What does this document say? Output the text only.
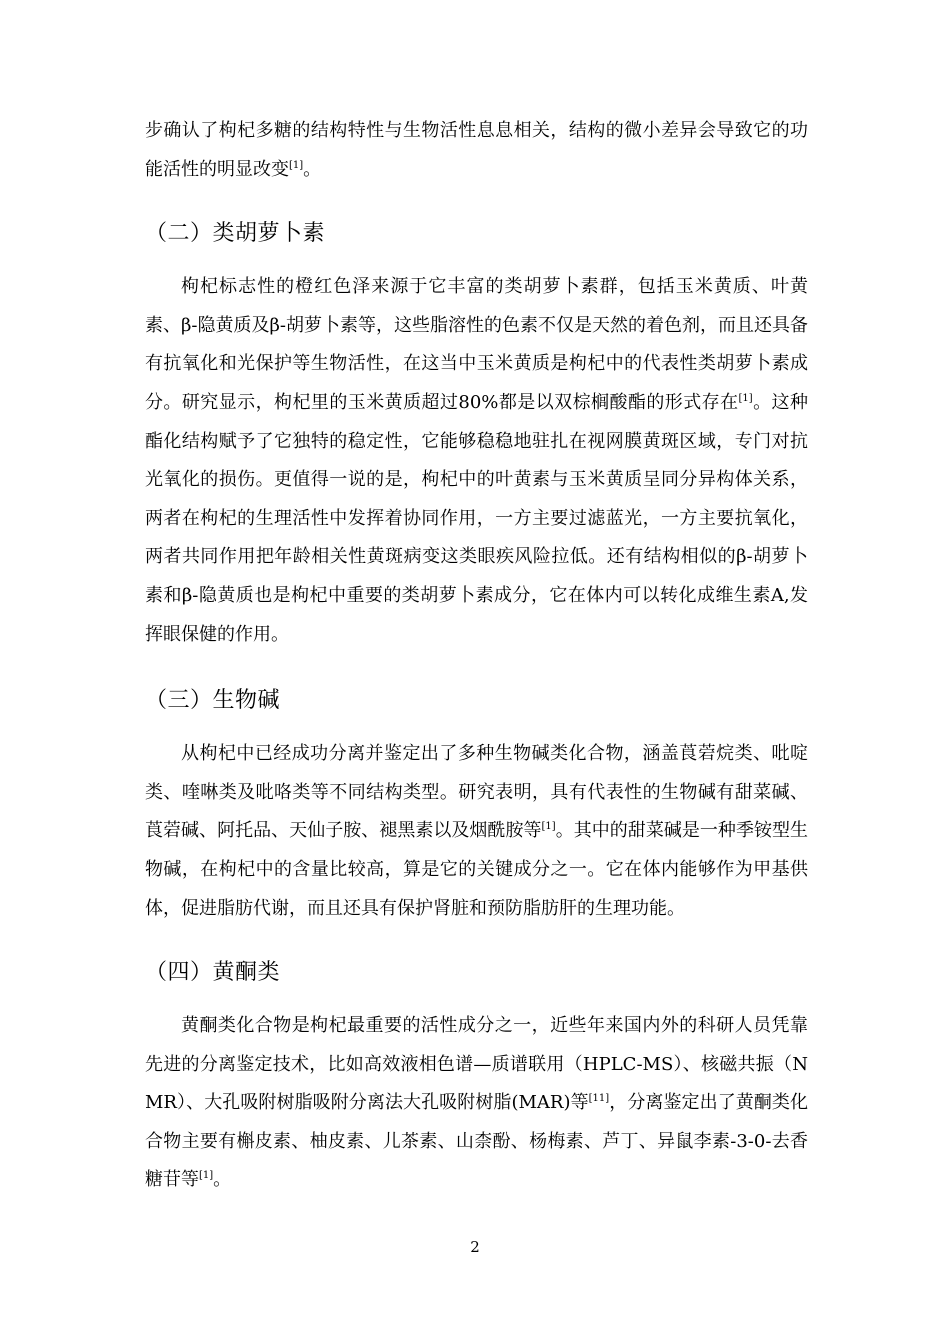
步确认了枸杞多糖的结构特性与生物活性息息相关，结构的微小差异会导致它的功能活性的明显改变[1]。

（二）类胡萝卜素

枸杞标志性的橙红色泽来源于它丰富的类胡萝卜素群，包括玉米黄质、叶黄素、β-隐黄质及β-胡萝卜素等，这些脂溶性的色素不仅是天然的着色剂，而且还具备有抗氧化和光保护等生物活性，在这当中玉米黄质是枸杞中的代表性类胡萝卜素成分。研究显示，枸杞里的玉米黄质超过80%都是以双棕榈酸酯的形式存在[1]。这种酯化结构赋予了它独特的稳定性，它能够稳稳地驻扎在视网膜黄斑区域，专门对抗光氧化的损伤。更值得一说的是，枸杞中的叶黄素与玉米黄质呈同分异构体关系，两者在枸杞的生理活性中发挥着协同作用，一方主要过滤蓝光，一方主要抗氧化，两者共同作用把年龄相关性黄斑病变这类眼疾风险拉低。还有结构相似的β-胡萝卜素和β-隐黄质也是枸杞中重要的类胡萝卜素成分，它在体内可以转化成维生素A,发挥眼保健的作用。

（三）生物碱

从枸杞中已经成功分离并鉴定出了多种生物碱类化合物，涵盖莨菪烷类、吡啶类、喹啉类及吡咯类等不同结构类型。研究表明，具有代表性的生物碱有甜菜碱、莨菪碱、阿托品、天仙子胺、褪黑素以及烟酰胺等[1]。其中的甜菜碱是一种季铵型生物碱，在枸杞中的含量比较高，算是它的关键成分之一。它在体内能够作为甲基供体，促进脂肪代谢，而且还具有保护肾脏和预防脂肪肝的生理功能。

（四）黄酮类

黄酮类化合物是枸杞最重要的活性成分之一，近些年来国内外的科研人员凭靠先进的分离鉴定技术，比如高效液相色谱—质谱联用（HPLC-MS）、核磁共振（NMR）、大孔吸附树脂吸附分离法大孔吸附树脂(MAR)等[11]，分离鉴定出了黄酮类化合物主要有槲皮素、柚皮素、儿茶素、山柰酚、杨梅素、芦丁、异鼠李素-3-0-去香糖苷等[1]。

2
